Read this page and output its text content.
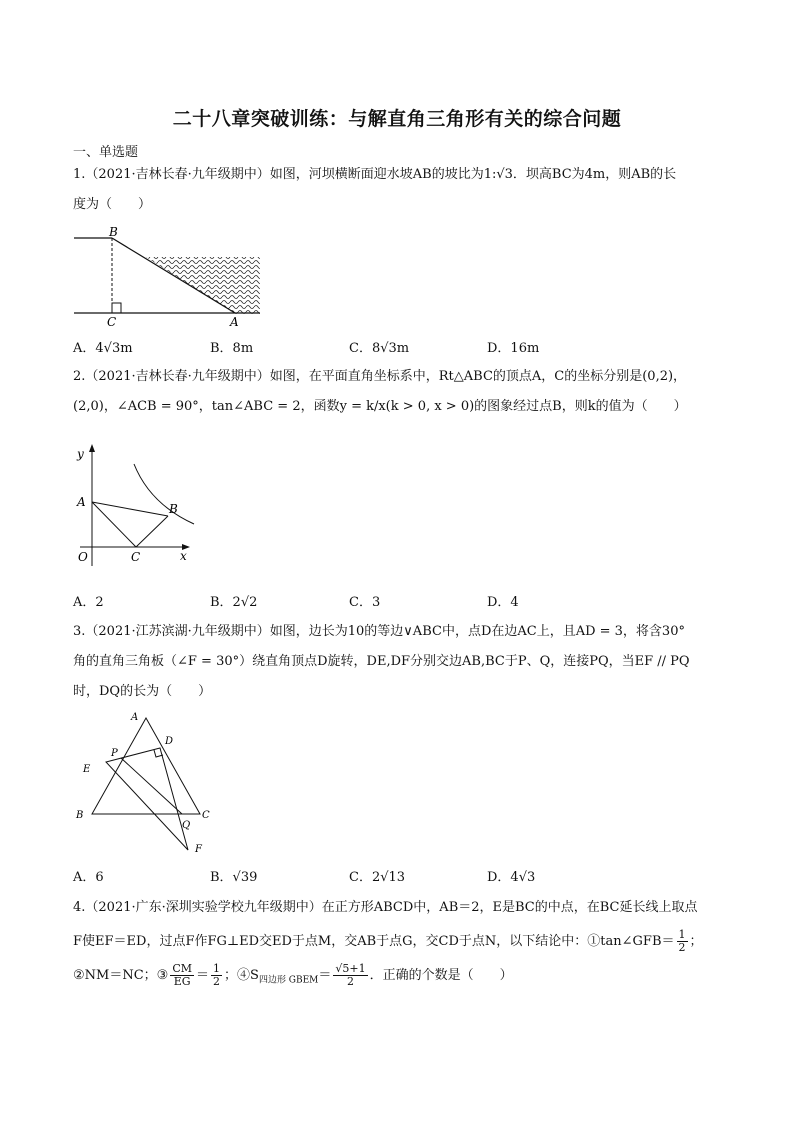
二十八章突破训练：与解直角三角形有关的综合问题
一、单选题
1.（2021·吉林长春·九年级期中）如图，河坝横断面迎水坡AB的坡比为1:√3．坝高BC为4m，则AB的长
度为（　　）
B
C	A
A．4√3m	B．8m	C．8√3m	D．16m
2.（2021·吉林长春·九年级期中）如图，在平面直角坐标系中，Rt△ABC的顶点A，C的坐标分别是(0,2)，
(2,0)，∠ACB = 90°，tan∠ABC = 2，函数y = k/x(k > 0, x > 0)的图象经过点B，则k的值为（　　）
y
x
O
A	B
C
A．2	B．2√2	C．3	D．4
3.（2021·江苏滨湖·九年级期中）如图，边长为10的等边∨ABC中，点D在边AC上，且AD = 3，将含30°
角的直角三角板（∠F = 30°）绕直角顶点D旋转，DE,DF分别交边AB,BC于P、Q，连接PQ，当EF // PQ
时，DQ的长为（　　）
A
D
P
E
B
Q
C
F
A．6	B．√39	C．2√13	D．4√3
4.（2021·广东·深圳实验学校九年级期中）在正方形ABCD中，AB＝2，E是BC的中点，在BC延长线上取点
F使EF＝ED，过点F作FG⊥ED交ED于点M，交AB于点G，交CD于点N，以下结论中：①tan∠GFB＝ $\frac{1}{2}$ ；
②NM＝NC；③ $\frac{CM}{EG} = \frac{1}{2}$ ；$④S_{四边形 GBEM}= \frac{√5+1}{2}$ ．正确的个数是（　　）
